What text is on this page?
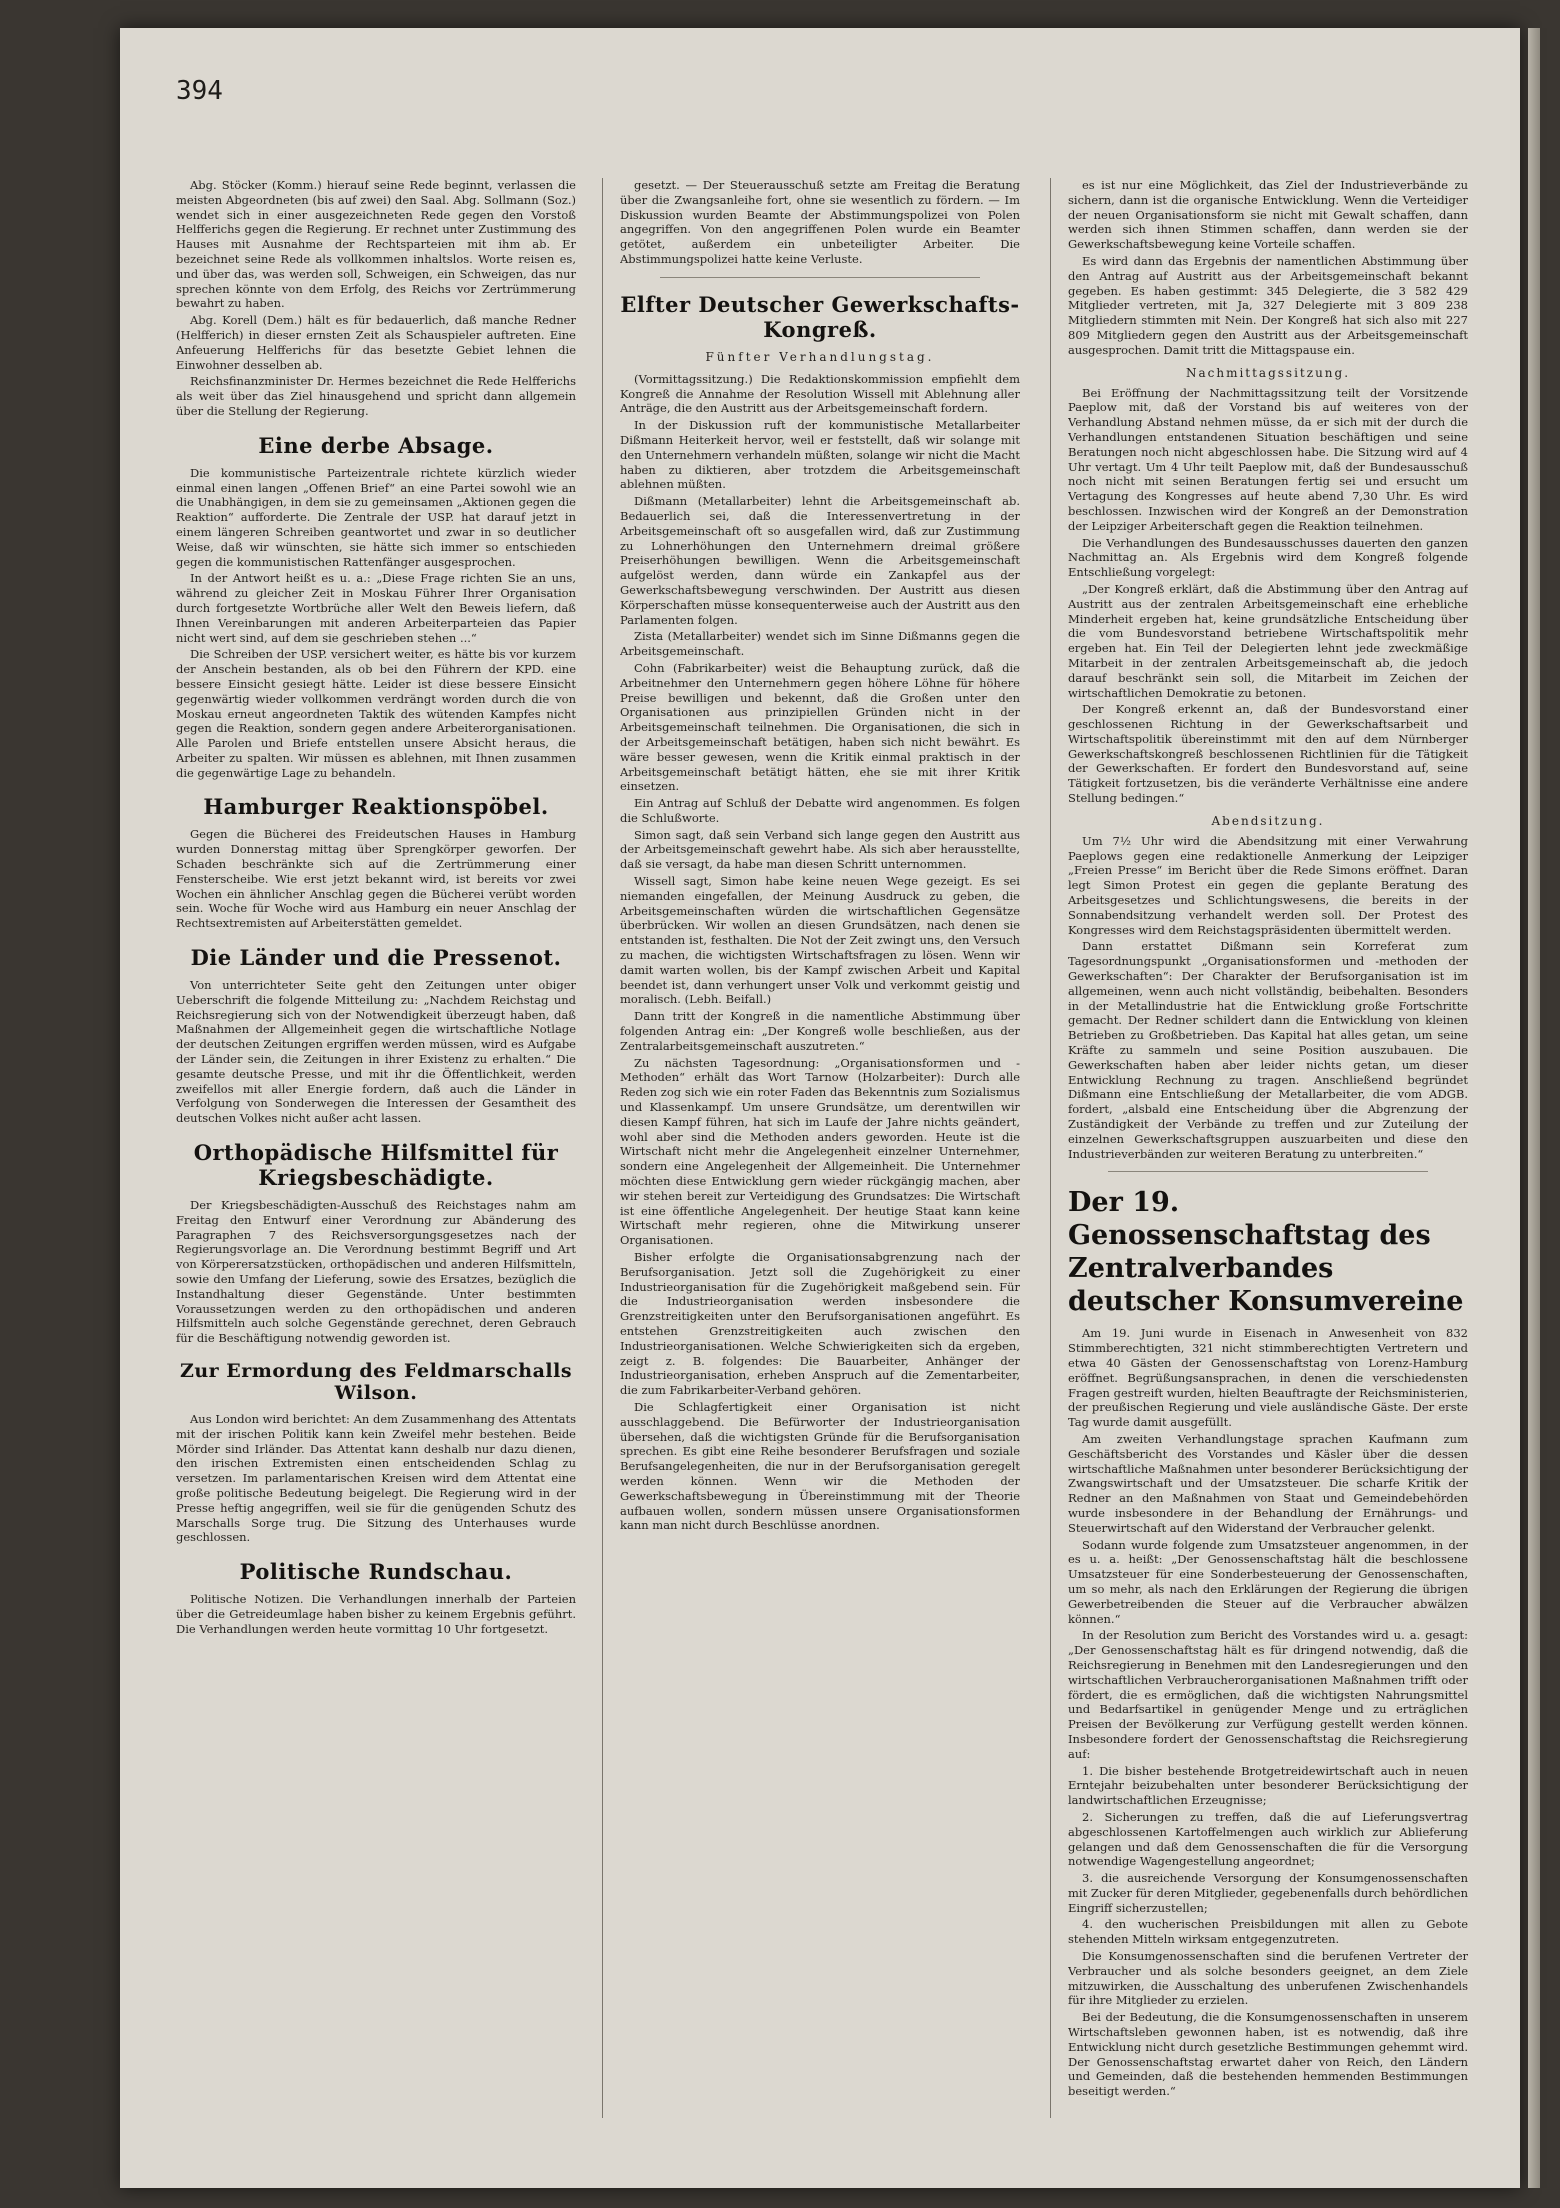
394

Abg. Stöcker (Komm.) hierauf seine Rede beginnt, verlassen die meisten Abgeordneten (bis auf zwei) den Saal. Abg. Sollmann (Soz.) wendet sich in einer ausgezeichneten Rede gegen den Vorstoß Helfferichs gegen die Regierung. Er rechnet unter Zustimmung des Hauses mit Ausnahme der Rechtsparteien mit ihm ab. Er bezeichnet seine Rede als vollkommen inhaltslos. Worte reisen es, und über das, was werden soll, Schweigen, ein Schweigen, das nur sprechen könnte von dem Erfolg, des Reichs vor Zertrümmerung bewahrt zu haben.

Abg. Korell (Dem.) hält es für bedauerlich, daß manche Redner (Helfferich) in dieser ernsten Zeit als Schauspieler auftreten. Eine Anfeuerung Helfferichs für das besetzte Gebiet lehnen die Einwohner desselben ab.

Reichsfinanzminister Dr. Hermes bezeichnet die Rede Helfferichs als weit über das Ziel hinausgehend und spricht dann allgemein über die Stellung der Regierung.

Eine derbe Absage.

Die kommunistische Parteizentrale richtete kürzlich wieder einmal einen langen „Offenen Brief“ an eine Partei sowohl wie an die Unabhängigen, in dem sie zu gemeinsamen „Aktionen gegen die Reaktion“ aufforderte. Die Zentrale der USP. hat darauf jetzt in einem längeren Schreiben geantwortet und zwar in so deutlicher Weise, daß wir wünschten, sie hätte sich immer so entschieden gegen die kommunistischen Rattenfänger ausgesprochen.

In der Antwort heißt es u. a.: „Diese Frage richten Sie an uns, während zu gleicher Zeit in Moskau Führer Ihrer Organisation durch fortgesetzte Wortbrüche aller Welt den Beweis liefern, daß Ihnen Vereinbarungen mit anderen Arbeiterparteien das Papier nicht wert sind, auf dem sie geschrieben stehen ...“

Die Schreiben der USP. versichert weiter, es hätte bis vor kurzem der Anschein bestanden, als ob bei den Führern der KPD. eine bessere Einsicht gesiegt hätte. Leider ist diese bessere Einsicht gegenwärtig wieder vollkommen verdrängt worden durch die von Moskau erneut angeordneten Taktik des wütenden Kampfes nicht gegen die Reaktion, sondern gegen andere Arbeiterorganisationen. Alle Parolen und Briefe entstellen unsere Absicht heraus, die Arbeiter zu spalten. Wir müssen es ablehnen, mit Ihnen zusammen die gegenwärtige Lage zu behandeln.

Hamburger Reaktionspöbel.

Gegen die Bücherei des Freideutschen Hauses in Hamburg wurden Donnerstag mittag über Sprengkörper geworfen. Der Schaden beschränkte sich auf die Zertrümmerung einer Fensterscheibe. Wie erst jetzt bekannt wird, ist bereits vor zwei Wochen ein ähnlicher Anschlag gegen die Bücherei verübt worden sein. Woche für Woche wird aus Hamburg ein neuer Anschlag der Rechtsextremisten auf Arbeiterstätten gemeldet.

Die Länder und die Pressenot.

Von unterrichteter Seite geht den Zeitungen unter obiger Ueberschrift die folgende Mitteilung zu: „Nachdem Reichstag und Reichsregierung sich von der Notwendigkeit überzeugt haben, daß Maßnahmen der Allgemeinheit gegen die wirtschaftliche Notlage der deutschen Zeitungen ergriffen werden müssen, wird es Aufgabe der Länder sein, die Zeitungen in ihrer Existenz zu erhalten.“ Die gesamte deutsche Presse, und mit ihr die Öffentlichkeit, werden zweifellos mit aller Energie fordern, daß auch die Länder in Verfolgung von Sonderwegen die Interessen der Gesamtheit des deutschen Volkes nicht außer acht lassen.

Orthopädische Hilfsmittel für Kriegsbeschädigte.

Der Kriegsbeschädigten-Ausschuß des Reichstages nahm am Freitag den Entwurf einer Verordnung zur Abänderung des Paragraphen 7 des Reichsversorgungsgesetzes nach der Regierungsvorlage an. Die Verordnung bestimmt Begriff und Art von Körperersatzstücken, orthopädischen und anderen Hilfsmitteln, sowie den Umfang der Lieferung, sowie des Ersatzes, bezüglich die Instandhaltung dieser Gegenstände. Unter bestimmten Voraussetzungen werden zu den orthopädischen und anderen Hilfsmitteln auch solche Gegenstände gerechnet, deren Gebrauch für die Beschäftigung notwendig geworden ist.

Zur Ermordung des Feldmarschalls Wilson.

Aus London wird berichtet: An dem Zusammenhang des Attentats mit der irischen Politik kann kein Zweifel mehr bestehen. Beide Mörder sind Irländer. Das Attentat kann deshalb nur dazu dienen, den irischen Extremisten einen entscheidenden Schlag zu versetzen. Im parlamentarischen Kreisen wird dem Attentat eine große politische Bedeutung beigelegt. Die Regierung wird in der Presse heftig angegriffen, weil sie für die genügenden Schutz des Marschalls Sorge trug. Die Sitzung des Unterhauses wurde geschlossen.

Politische Rundschau.

Politische Notizen. Die Verhandlungen innerhalb der Parteien über die Getreideumlage haben bisher zu keinem Ergebnis geführt. Die Verhandlungen werden heute vormittag 10 Uhr fortgesetzt.

gesetzt. — Der Steuerausschuß setzte am Freitag die Beratung über die Zwangsanleihe fort, ohne sie wesentlich zu fördern. — Im Diskussion wurden Beamte der Abstimmungspolizei von Polen angegriffen. Von den angegriffenen Polen wurde ein Beamter getötet, außerdem ein unbeteiligter Arbeiter. Die Abstimmungspolizei hatte keine Verluste.

Elfter Deutscher Gewerkschafts-Kongreß.
Fünfter Verhandlungstag.

(Vormittagssitzung.) Die Redaktionskommission empfiehlt dem Kongreß die Annahme der Resolution Wissell mit Ablehnung aller Anträge, die den Austritt aus der Arbeitsgemeinschaft fordern.

In der Diskussion ruft der kommunistische Metallarbeiter Dißmann Heiterkeit hervor, weil er feststellt, daß wir solange mit den Unternehmern verhandeln müßten, solange wir nicht die Macht haben zu diktieren, aber trotzdem die Arbeitsgemeinschaft ablehnen müßten.

Dißmann (Metallarbeiter) lehnt die Arbeitsgemeinschaft ab. Bedauerlich sei, daß die Interessenvertretung in der Arbeitsgemeinschaft oft so ausgefallen wird, daß zur Zustimmung zu Lohnerhöhungen den Unternehmern dreimal größere Preiserhöhungen bewilligen. Wenn die Arbeitsgemeinschaft aufgelöst werden, dann würde ein Zankapfel aus der Gewerkschaftsbewegung verschwinden. Der Austritt aus diesen Körperschaften müsse konsequenterweise auch der Austritt aus den Parlamenten folgen.

Zista (Metallarbeiter) wendet sich im Sinne Dißmanns gegen die Arbeitsgemeinschaft.

Cohn (Fabrikarbeiter) weist die Behauptung zurück, daß die Arbeitnehmer den Unternehmern gegen höhere Löhne für höhere Preise bewilligen und bekennt, daß die Großen unter den Organisationen aus prinzipiellen Gründen nicht in der Arbeitsgemeinschaft teilnehmen. Die Organisationen, die sich in der Arbeitsgemeinschaft betätigen, haben sich nicht bewährt. Es wäre besser gewesen, wenn die Kritik einmal praktisch in der Arbeitsgemeinschaft betätigt hätten, ehe sie mit ihrer Kritik einsetzen.

Ein Antrag auf Schluß der Debatte wird angenommen. Es folgen die Schlußworte.

Simon sagt, daß sein Verband sich lange gegen den Austritt aus der Arbeitsgemeinschaft gewehrt habe. Als sich aber herausstellte, daß sie versagt, da habe man diesen Schritt unternommen.

Wissell sagt, Simon habe keine neuen Wege gezeigt. Es sei niemanden eingefallen, der Meinung Ausdruck zu geben, die Arbeitsgemeinschaften würden die wirtschaftlichen Gegensätze überbrücken. Wir wollen an diesen Grundsätzen, nach denen sie entstanden ist, festhalten. Die Not der Zeit zwingt uns, den Versuch zu machen, die wichtigsten Wirtschaftsfragen zu lösen. Wenn wir damit warten wollen, bis der Kampf zwischen Arbeit und Kapital beendet ist, dann verhungert unser Volk und verkommt geistig und moralisch. (Lebh. Beifall.)

Dann tritt der Kongreß in die namentliche Abstimmung über folgenden Antrag ein: „Der Kongreß wolle beschließen, aus der Zentralarbeitsgemeinschaft auszutreten.“

Zu nächsten Tagesordnung: „Organisationsformen und -Methoden“ erhält das Wort Tarnow (Holzarbeiter): Durch alle Reden zog sich wie ein roter Faden das Bekenntnis zum Sozialismus und Klassenkampf. Um unsere Grundsätze, um derentwillen wir diesen Kampf führen, hat sich im Laufe der Jahre nichts geändert, wohl aber sind die Methoden anders geworden. Heute ist die Wirtschaft nicht mehr die Angelegenheit einzelner Unternehmer, sondern eine Angelegenheit der Allgemeinheit. Die Unternehmer möchten diese Entwicklung gern wieder rückgängig machen, aber wir stehen bereit zur Verteidigung des Grundsatzes: Die Wirtschaft ist eine öffentliche Angelegenheit. Der heutige Staat kann keine Wirtschaft mehr regieren, ohne die Mitwirkung unserer Organisationen.

Bisher erfolgte die Organisationsabgrenzung nach der Berufsorganisation. Jetzt soll die Zugehörigkeit zu einer Industrieorganisation für die Zugehörigkeit maßgebend sein. Für die Industrieorganisation werden insbesondere die Grenzstreitigkeiten unter den Berufsorganisationen angeführt. Es entstehen Grenzstreitigkeiten auch zwischen den Industrieorganisationen. Welche Schwierigkeiten sich da ergeben, zeigt z. B. folgendes: Die Bauarbeiter, Anhänger der Industrieorganisation, erheben Anspruch auf die Zementarbeiter, die zum Fabrikarbeiter-Verband gehören.

Die Schlagfertigkeit einer Organisation ist nicht ausschlaggebend. Die Befürworter der Industrieorganisation übersehen, daß die wichtigsten Gründe für die Berufsorganisation sprechen. Es gibt eine Reihe besonderer Berufsfragen und soziale Berufsangelegenheiten, die nur in der Berufsorganisation geregelt werden können. Wenn wir die Methoden der Gewerkschaftsbewegung in Übereinstimmung mit der Theorie aufbauen wollen, sondern müssen unsere Organisationsformen kann man nicht durch Beschlüsse anordnen.

es ist nur eine Möglichkeit, das Ziel der Industrieverbände zu sichern, dann ist die organische Entwicklung. Wenn die Verteidiger der neuen Organisationsform sie nicht mit Gewalt schaffen, dann werden sich ihnen Stimmen schaffen, dann werden sie der Gewerkschaftsbewegung keine Vorteile schaffen.

Es wird dann das Ergebnis der namentlichen Abstimmung über den Antrag auf Austritt aus der Arbeitsgemeinschaft bekannt gegeben. Es haben gestimmt: 345 Delegierte, die 3 582 429 Mitglieder vertreten, mit Ja, 327 Delegierte mit 3 809 238 Mitgliedern stimmten mit Nein. Der Kongreß hat sich also mit 227 809 Mitgliedern gegen den Austritt aus der Arbeitsgemeinschaft ausgesprochen. Damit tritt die Mittagspause ein.

Nachmittagssitzung.

Bei Eröffnung der Nachmittagssitzung teilt der Vorsitzende Paeplow mit, daß der Vorstand bis auf weiteres von der Verhandlung Abstand nehmen müsse, da er sich mit der durch die Verhandlungen entstandenen Situation beschäftigen und seine Beratungen noch nicht abgeschlossen habe. Die Sitzung wird auf 4 Uhr vertagt. Um 4 Uhr teilt Paeplow mit, daß der Bundesausschuß noch nicht mit seinen Beratungen fertig sei und ersucht um Vertagung des Kongresses auf heute abend 7,30 Uhr. Es wird beschlossen. Inzwischen wird der Kongreß an der Demonstration der Leipziger Arbeiterschaft gegen die Reaktion teilnehmen.

Die Verhandlungen des Bundesausschusses dauerten den ganzen Nachmittag an. Als Ergebnis wird dem Kongreß folgende Entschließung vorgelegt:

„Der Kongreß erklärt, daß die Abstimmung über den Antrag auf Austritt aus der zentralen Arbeitsgemeinschaft eine erhebliche Minderheit ergeben hat, keine grundsätzliche Entscheidung über die vom Bundesvorstand betriebene Wirtschaftspolitik mehr ergeben hat. Ein Teil der Delegierten lehnt jede zweckmäßige Mitarbeit in der zentralen Arbeitsgemeinschaft ab, die jedoch darauf beschränkt sein soll, die Mitarbeit im Zeichen der wirtschaftlichen Demokratie zu betonen.

Der Kongreß erkennt an, daß der Bundesvorstand einer geschlossenen Richtung in der Gewerkschaftsarbeit und Wirtschaftspolitik übereinstimmt mit den auf dem Nürnberger Gewerkschaftskongreß beschlossenen Richtlinien für die Tätigkeit der Gewerkschaften. Er fordert den Bundesvorstand auf, seine Tätigkeit fortzusetzen, bis die veränderte Verhältnisse eine andere Stellung bedingen.“

Abendsitzung.

Um 7½ Uhr wird die Abendsitzung mit einer Verwahrung Paeplows gegen eine redaktionelle Anmerkung der Leipziger „Freien Presse“ im Bericht über die Rede Simons eröffnet. Daran legt Simon Protest ein gegen die geplante Beratung des Arbeitsgesetzes und Schlichtungswesens, die bereits in der Sonnabendsitzung verhandelt werden soll. Der Protest des Kongresses wird dem Reichstagspräsidenten übermittelt werden.

Dann erstattet Dißmann sein Korreferat zum Tagesordnungspunkt „Organisationsformen und -methoden der Gewerkschaften“: Der Charakter der Berufsorganisation ist im allgemeinen, wenn auch nicht vollständig, beibehalten. Besonders in der Metallindustrie hat die Entwicklung große Fortschritte gemacht. Der Redner schildert dann die Entwicklung von kleinen Betrieben zu Großbetrieben. Das Kapital hat alles getan, um seine Kräfte zu sammeln und seine Position auszubauen. Die Gewerkschaften haben aber leider nichts getan, um dieser Entwicklung Rechnung zu tragen. Anschließend begründet Dißmann eine Entschließung der Metallarbeiter, die vom ADGB. fordert, „alsbald eine Entscheidung über die Abgrenzung der Zuständigkeit der Verbände zu treffen und zur Zuteilung der einzelnen Gewerkschaftsgruppen auszuarbeiten und diese den Industrieverbänden zur weiteren Beratung zu unterbreiten.“

Der 19. Genossenschaftstag des Zentralverbandes deutscher Konsumvereine

Am 19. Juni wurde in Eisenach in Anwesenheit von 832 Stimmberechtigten, 321 nicht stimmberechtigten Vertretern und etwa 40 Gästen der Genossenschaftstag von Lorenz-Hamburg eröffnet. Begrüßungsansprachen, in denen die verschiedensten Fragen gestreift wurden, hielten Beauftragte der Reichsministerien, der preußischen Regierung und viele ausländische Gäste. Der erste Tag wurde damit ausgefüllt.

Am zweiten Verhandlungstage sprachen Kaufmann zum Geschäftsbericht des Vorstandes und Käsler über die dessen wirtschaftliche Maßnahmen unter besonderer Berücksichtigung der Zwangswirtschaft und der Umsatzsteuer. Die scharfe Kritik der Redner an den Maßnahmen von Staat und Gemeindebehörden wurde insbesondere in der Behandlung der Ernährungs- und Steuerwirtschaft auf den Widerstand der Verbraucher gelenkt.

Sodann wurde folgende zum Umsatzsteuer angenommen, in der es u. a. heißt: „Der Genossenschaftstag hält die beschlossene Umsatzsteuer für eine Sonderbesteuerung der Genossenschaften, um so mehr, als nach den Erklärungen der Regierung die übrigen Gewerbetreibenden die Steuer auf die Verbraucher abwälzen können.“

In der Resolution zum Bericht des Vorstandes wird u. a. gesagt: „Der Genossenschaftstag hält es für dringend notwendig, daß die Reichsregierung in Benehmen mit den Landesregierungen und den wirtschaftlichen Verbraucherorganisationen Maßnahmen trifft oder fördert, die es ermöglichen, daß die wichtigsten Nahrungsmittel und Bedarfsartikel in genügender Menge und zu erträglichen Preisen der Bevölkerung zur Verfügung gestellt werden können. Insbesondere fordert der Genossenschaftstag die Reichsregierung auf:

1. Die bisher bestehende Brotgetreidewirtschaft auch in neuen Erntejahr beizubehalten unter besonderer Berücksichtigung der landwirtschaftlichen Erzeugnisse;

2. Sicherungen zu treffen, daß die auf Lieferungsvertrag abgeschlossenen Kartoffelmengen auch wirklich zur Ablieferung gelangen und daß dem Genossenschaften die für die Versorgung notwendige Wagengestellung angeordnet;

3. die ausreichende Versorgung der Konsumgenossenschaften mit Zucker für deren Mitglieder, gegebenenfalls durch behördlichen Eingriff sicherzustellen;

4. den wucherischen Preisbildungen mit allen zu Gebote stehenden Mitteln wirksam entgegenzutreten.

Die Konsumgenossenschaften sind die berufenen Vertreter der Verbraucher und als solche besonders geeignet, an dem Ziele mitzuwirken, die Ausschaltung des unberufenen Zwischenhandels für ihre Mitglieder zu erzielen.

Bei der Bedeutung, die die Konsumgenossenschaften in unserem Wirtschaftsleben gewonnen haben, ist es notwendig, daß ihre Entwicklung nicht durch gesetzliche Bestimmungen gehemmt wird. Der Genossenschaftstag erwartet daher von Reich, den Ländern und Gemeinden, daß die bestehenden hemmenden Bestimmungen beseitigt werden.“
